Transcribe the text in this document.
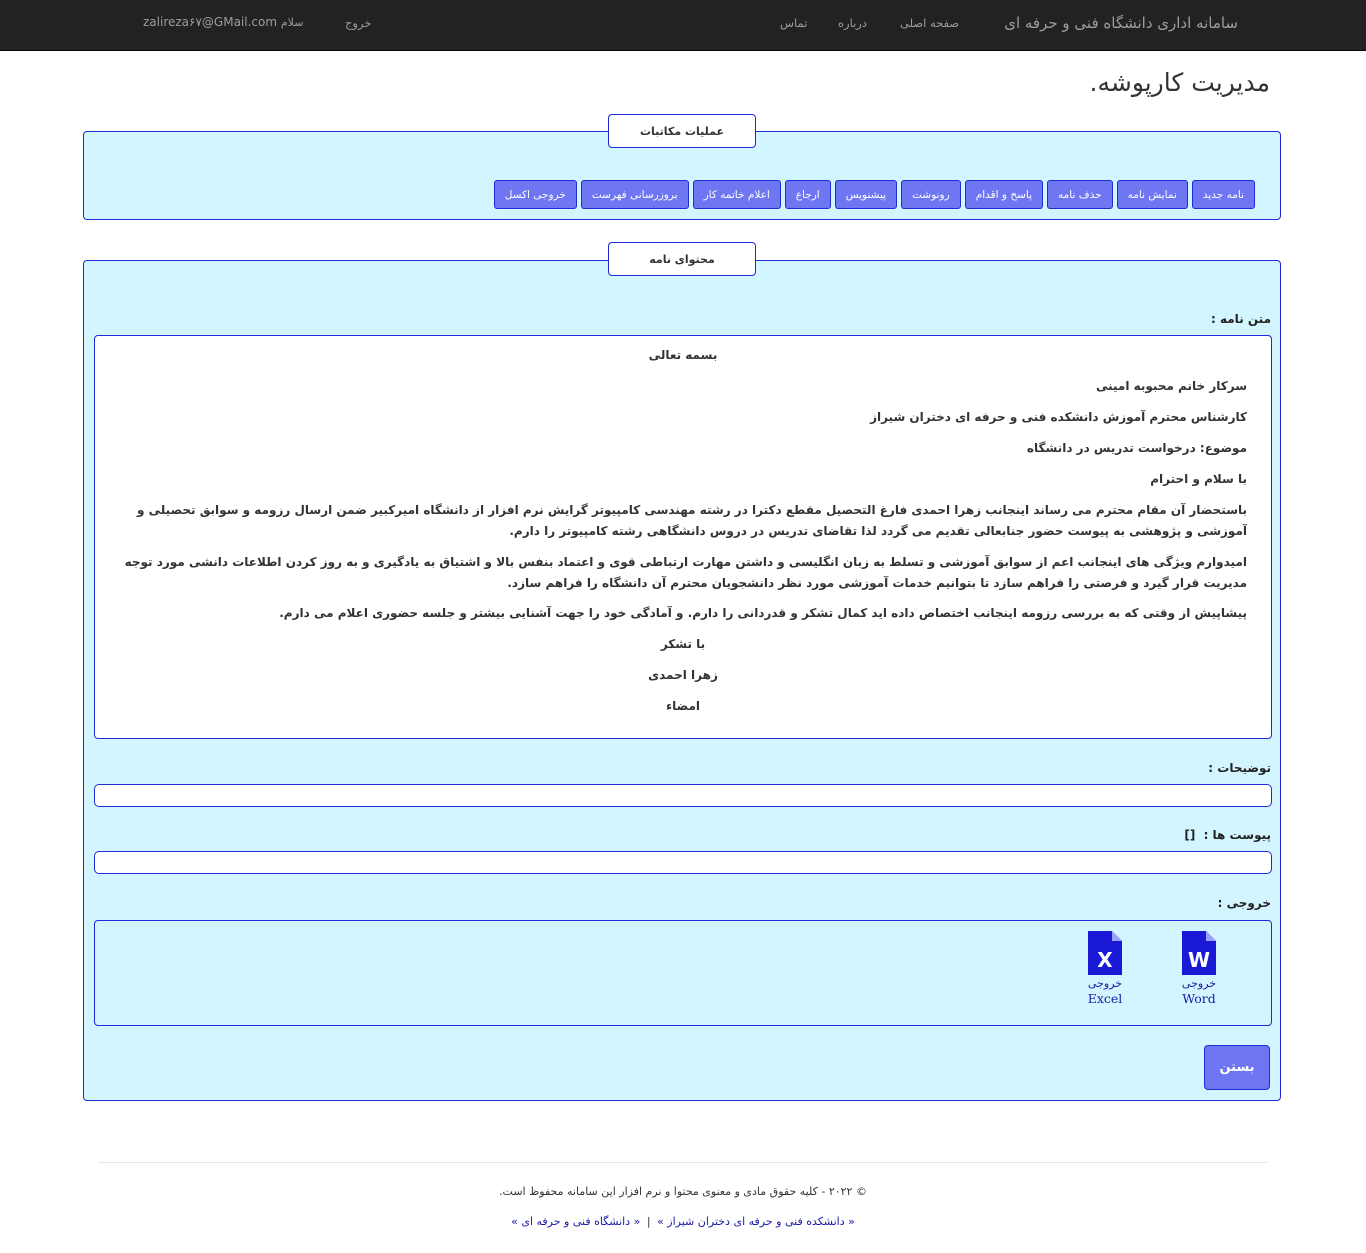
سامانه اداری دانشگاه فنی و حرفه ای
صفحه اصلی
درباره
تماس
خروج
zalireza۶۷@GMail.com سلام
مدیریت کارپوشه.
نامه جدید
نمایش نامه
حذف نامه
پاسخ و اقدام
رونوشت
پیشنویس
ارجاع
اعلام خاتمه کار
بروزرسانی فهرست
خروجی اکسل
عملیات مکاتبات
متن نامه :

بسمه تعالی

سرکار خانم محبوبه امینی

کارشناس محترم آموزش دانشکده فنی و حرفه ای دختران شیراز

موضوع: درخواست تدریس در دانشگاه

با سلام و احترام

باستحضار آن مقام محترم می رساند اینجانب زهرا احمدی فارغ التحصیل مقطع دکترا در رشته مهندسی کامپیوتر گرایش نرم افزار از دانشگاه امیرکبیر ضمن ارسال رزومه و سوابق تحصیلی و آموزشی و پژوهشی به پیوست حضور جنابعالی تقدیم می گردد لذا تقاضای تدریس در دروس دانشگاهی رشته کامپیوتر را دارم.

امیدوارم ویژگی های اینجانب اعم از سوابق آموزشی و تسلط به زبان انگلیسی و داشتن مهارت ارتباطی قوی و اعتماد بنفس بالا و اشتیاق به یادگیری و به روز کردن اطلاعات دانشی مورد توجه مدیریت قرار گیرد و فرصتی را فراهم سازد تا بتوانیم خدمات آموزشی مورد نظر دانشجویان محترم آن دانشگاه را فراهم سازد.

پیشاپیش از وقتی که به بررسی رزومه اینجانب اختصاص داده اید کمال تشکر و قدردانی را دارم. و آمادگی خود را جهت آشنایی بیشتر و جلسه حضوری اعلام می دارم.

با تشکر

زهرا احمدی

امضاء

توضیحات :
پیوست ها : []
خروجی :
W
خروجی
Word
X
خروجی
Excel
بستن
محتوای نامه
© ۲۰۲۲ - کلیه حقوق مادی و معنوی محتوا و نرم افزار این سامانه محفوظ است.
« دانشکده فنی و حرفه ای دختران شیراز » | « دانشگاه فنی و حرفه ای »
